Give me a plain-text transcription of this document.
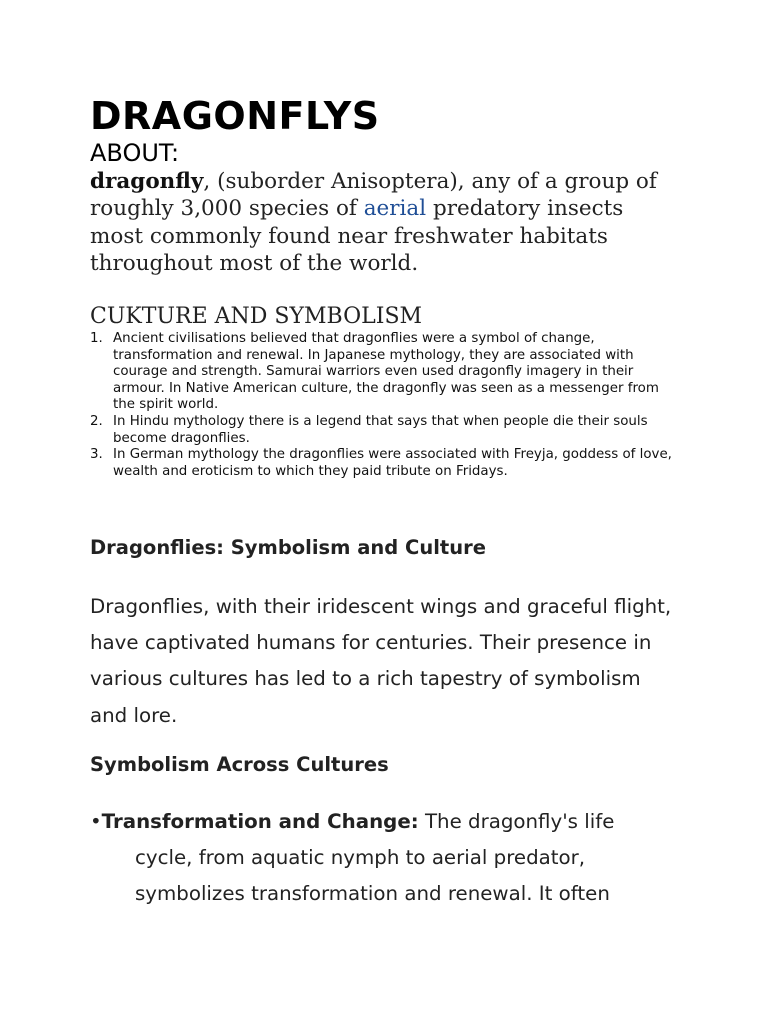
DRAGONFLYS
ABOUT:

dragonfly, (suborder Anisoptera), any of a group of roughly 3,000 species of aerial predatory insects most commonly found near freshwater habitats throughout most of the world.

CUKTURE AND SYMBOLISM
1. Ancient civilisations believed that dragonflies were a symbol of change, transformation and renewal. In Japanese mythology, they are associated with courage and strength. Samurai warriors even used dragonfly imagery in their armour. In Native American culture, the dragonfly was seen as a messenger from the spirit world.
2. In Hindu mythology there is a legend that says that when people die their souls become dragonflies.
3. In German mythology the dragonflies were associated with Freyja, goddess of love, wealth and eroticism to which they paid tribute on Fridays.
Dragonflies: Symbolism and Culture

Dragonflies, with their iridescent wings and graceful flight, have captivated humans for centuries. Their presence in various cultures has led to a rich tapestry of symbolism and lore.

Symbolism Across Cultures
•Transformation and Change: The dragonfly's life
cycle, from aquatic nymph to aerial predator,
symbolizes transformation and renewal. It often
